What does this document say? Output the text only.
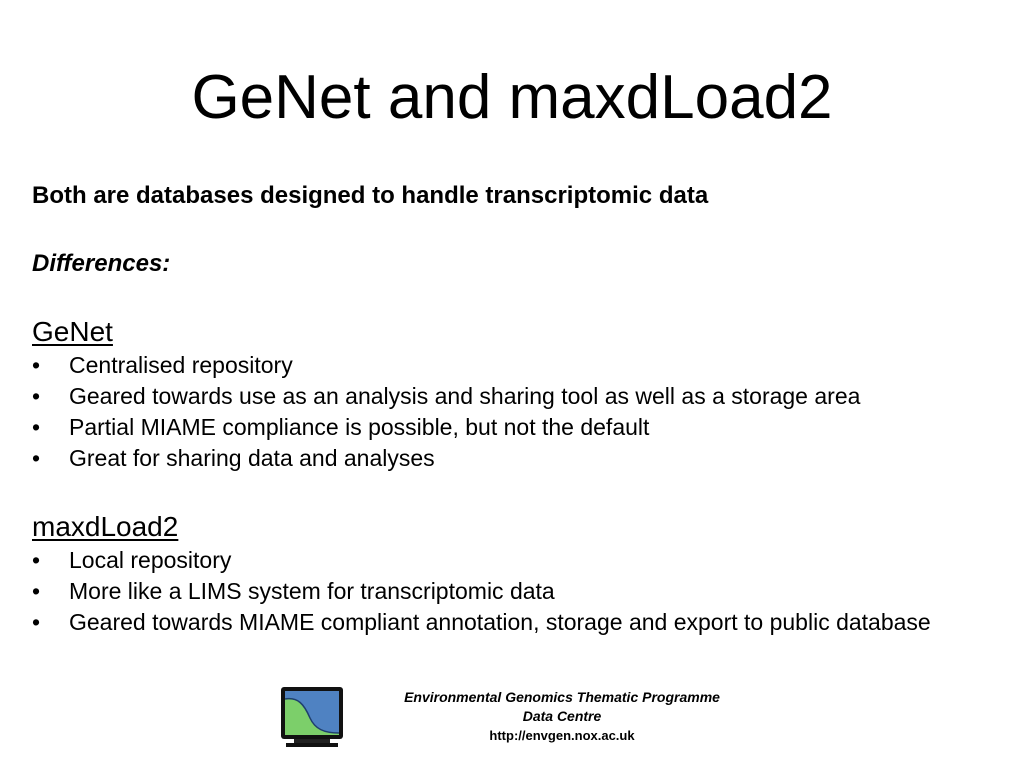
GeNet and maxdLoad2
Both are databases designed to handle transcriptomic data
Differences:
GeNet
•	Centralised repository
•	Geared towards use as an analysis and sharing tool as well as a storage area
•	Partial MIAME compliance is possible, but not the default
•	Great for sharing data and analyses
maxdLoad2
•	Local repository
•	More like a LIMS system for transcriptomic data
•	Geared towards MIAME compliant annotation, storage and export to public database
Environmental Genomics Thematic Programme
Data Centre
http://envgen.nox.ac.uk
